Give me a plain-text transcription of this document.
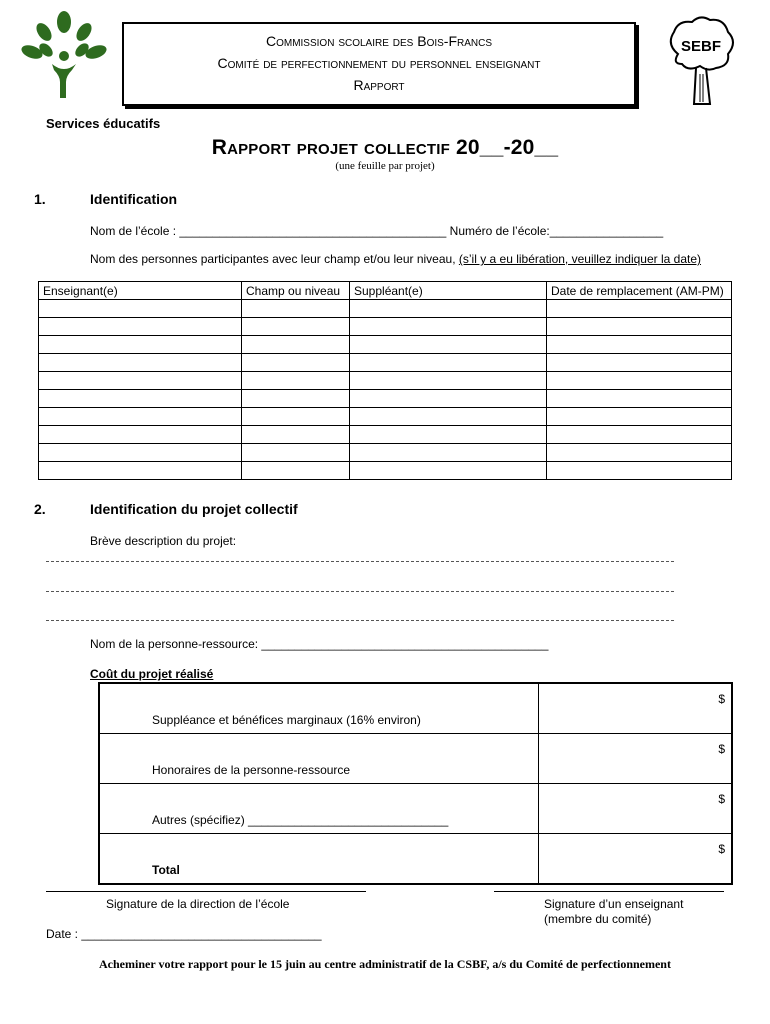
Commission scolaire des Bois-Francs
Comité de perfectionnement du personnel enseignant
Rapport
SEBF
Services éducatifs
Rapport projet collectif 20__-20__
(une feuille par projet)
1.	Identification
Nom de l’école : ________________________________________ Numéro de l’école:_________________
Nom des personnes participantes avec leur champ et/ou leur niveau, (s’il y a eu libération, veuillez indiquer la date)
Enseignant(e)	Champ ou niveau	Suppléant(e)	Date de remplacement (AM-PM)

2.	Identification du projet collectif
Brève description du projet:
Nom de la personne-ressource: ___________________________________________
Coût du projet réalisé
Suppléance et bénéfices marginaux (16% environ)	$
Honoraires de la personne-ressource	$
Autres (spécifiez) ______________________________	$
Total	$
Signature de la direction de l’école	Signature d’un enseignant
(membre du comité)
Date : ____________________________________
Acheminer votre rapport pour le 15 juin au centre administratif de la CSBF, a/s du Comité de perfectionnement
